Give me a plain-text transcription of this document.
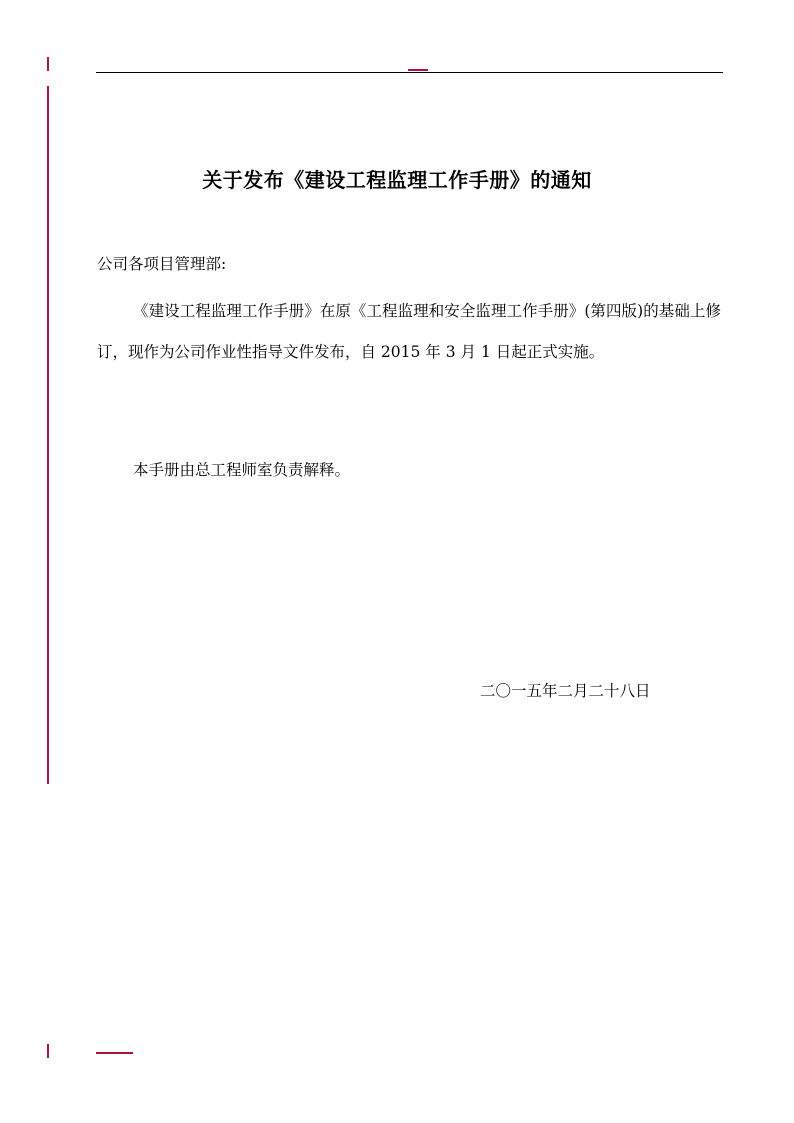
关于发布《建设工程监理工作手册》的通知

公司各项目管理部:

《建设工程监理工作手册》在原《工程监理和安全监理工作手册》(第四版)的基础上修订，现作为公司作业性指导文件发布，自 2015 年 3 月 1 日起正式实施。

本手册由总工程师室负责解释。

二〇一五年二月二十八日
